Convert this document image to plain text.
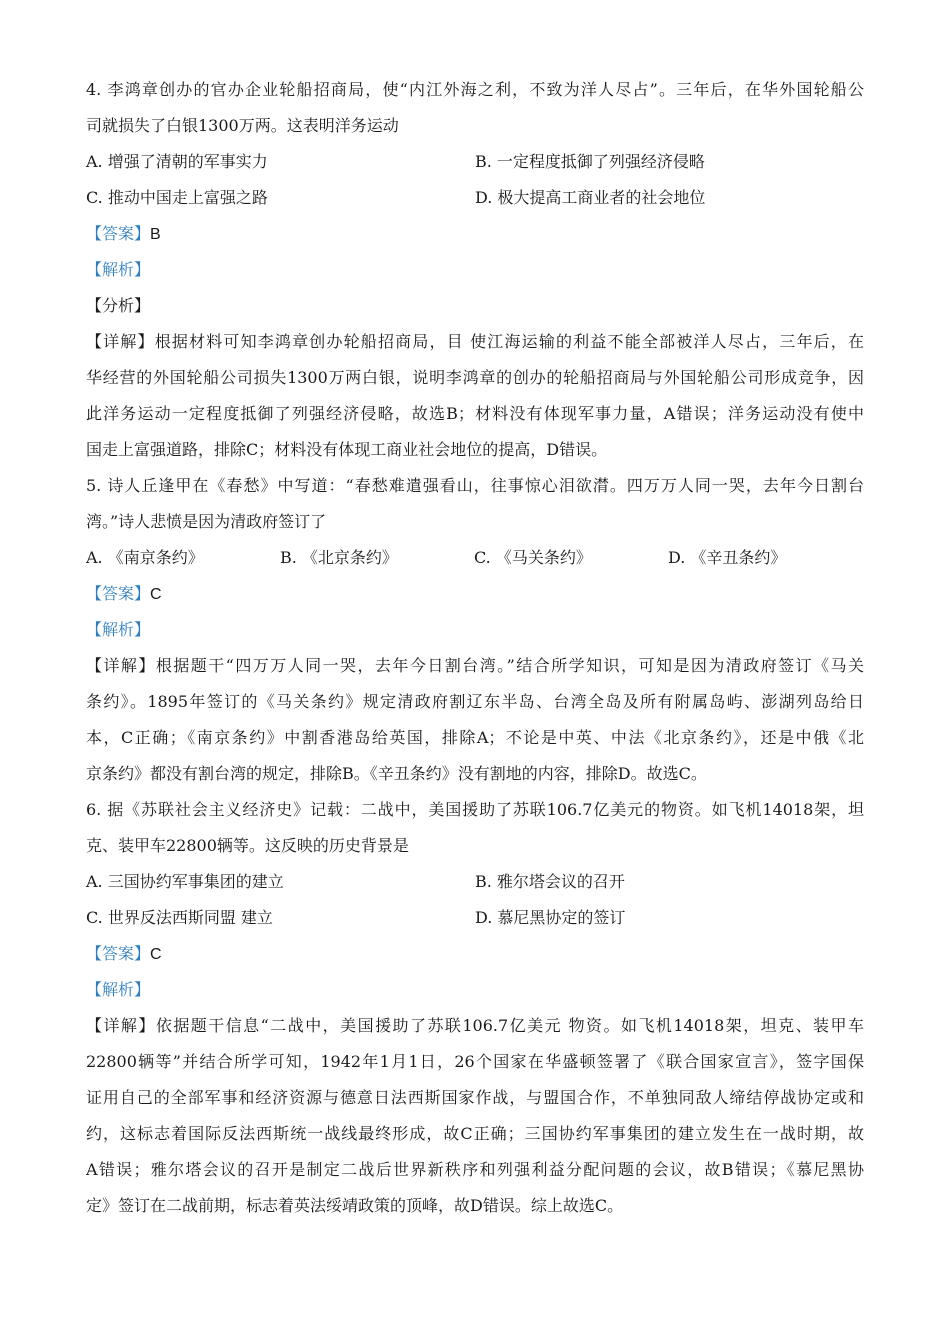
4. 李鸿章创办的官办企业轮船招商局，使“内江外海之利，不致为洋人尽占”。三年后，在华外国轮船公
司就损失了白银1300万两。这表明洋务运动
A. 增强了清朝的军事实力	B. 一定程度抵御了列强经济侵略
C. 推动中国走上富强之路	D. 极大提高工商业者的社会地位
【答案】B
【解析】
【分析】
【详解】根据材料可知李鸿章创办轮船招商局，目 使江海运输的利益不能全部被洋人尽占，三年后，在
华经营的外国轮船公司损失1300万两白银，说明李鸿章的创办的轮船招商局与外国轮船公司形成竞争，因
此洋务运动一定程度抵御了列强经济侵略，故选B；材料没有体现军事力量，A错误；洋务运动没有使中
国走上富强道路，排除C；材料没有体现工商业社会地位的提高，D错误。
5. 诗人丘逢甲在《春愁》中写道：“春愁难遣强看山，往事惊心泪欲潸。四万万人同一哭，去年今日割台
湾。”诗人悲愤是因为清政府签订了
A. 《南京条约》	B. 《北京条约》	C. 《马关条约》	D. 《辛丑条约》
【答案】C
【解析】
【详解】根据题干“四万万人同一哭，去年今日割台湾。”结合所学知识，可知是因为清政府签订《马关
条约》。1895年签订的《马关条约》规定清政府割辽东半岛、台湾全岛及所有附属岛屿、澎湖列岛给日
本，C正确；《南京条约》中割香港岛给英国，排除A；不论是中英、中法《北京条约》，还是中俄《北
京条约》都没有割台湾的规定，排除B。《辛丑条约》没有割地的内容，排除D。故选C。
6. 据《苏联社会主义经济史》记载：二战中，美国援助了苏联106.7亿美元的物资。如飞机14018架，坦
克、装甲车22800辆等。这反映的历史背景是
A. 三国协约军事集团的建立	B. 雅尔塔会议的召开
C. 世界反法西斯同盟 建立	D. 慕尼黑协定的签订
【答案】C
【解析】
【详解】依据题干信息“二战中，美国援助了苏联106.7亿美元 物资。如飞机14018架，坦克、装甲车
22800辆等”并结合所学可知，1942年1月1日，26个国家在华盛顿签署了《联合国家宣言》，签字国保
证用自己的全部军事和经济资源与德意日法西斯国家作战，与盟国合作，不单独同敌人缔结停战协定或和
约，这标志着国际反法西斯统一战线最终形成，故C正确；三国协约军事集团的建立发生在一战时期，故
A错误；雅尔塔会议的召开是制定二战后世界新秩序和列强利益分配问题的会议，故B错误；《慕尼黑协
定》签订在二战前期，标志着英法绥靖政策的顶峰，故D错误。综上故选C。
